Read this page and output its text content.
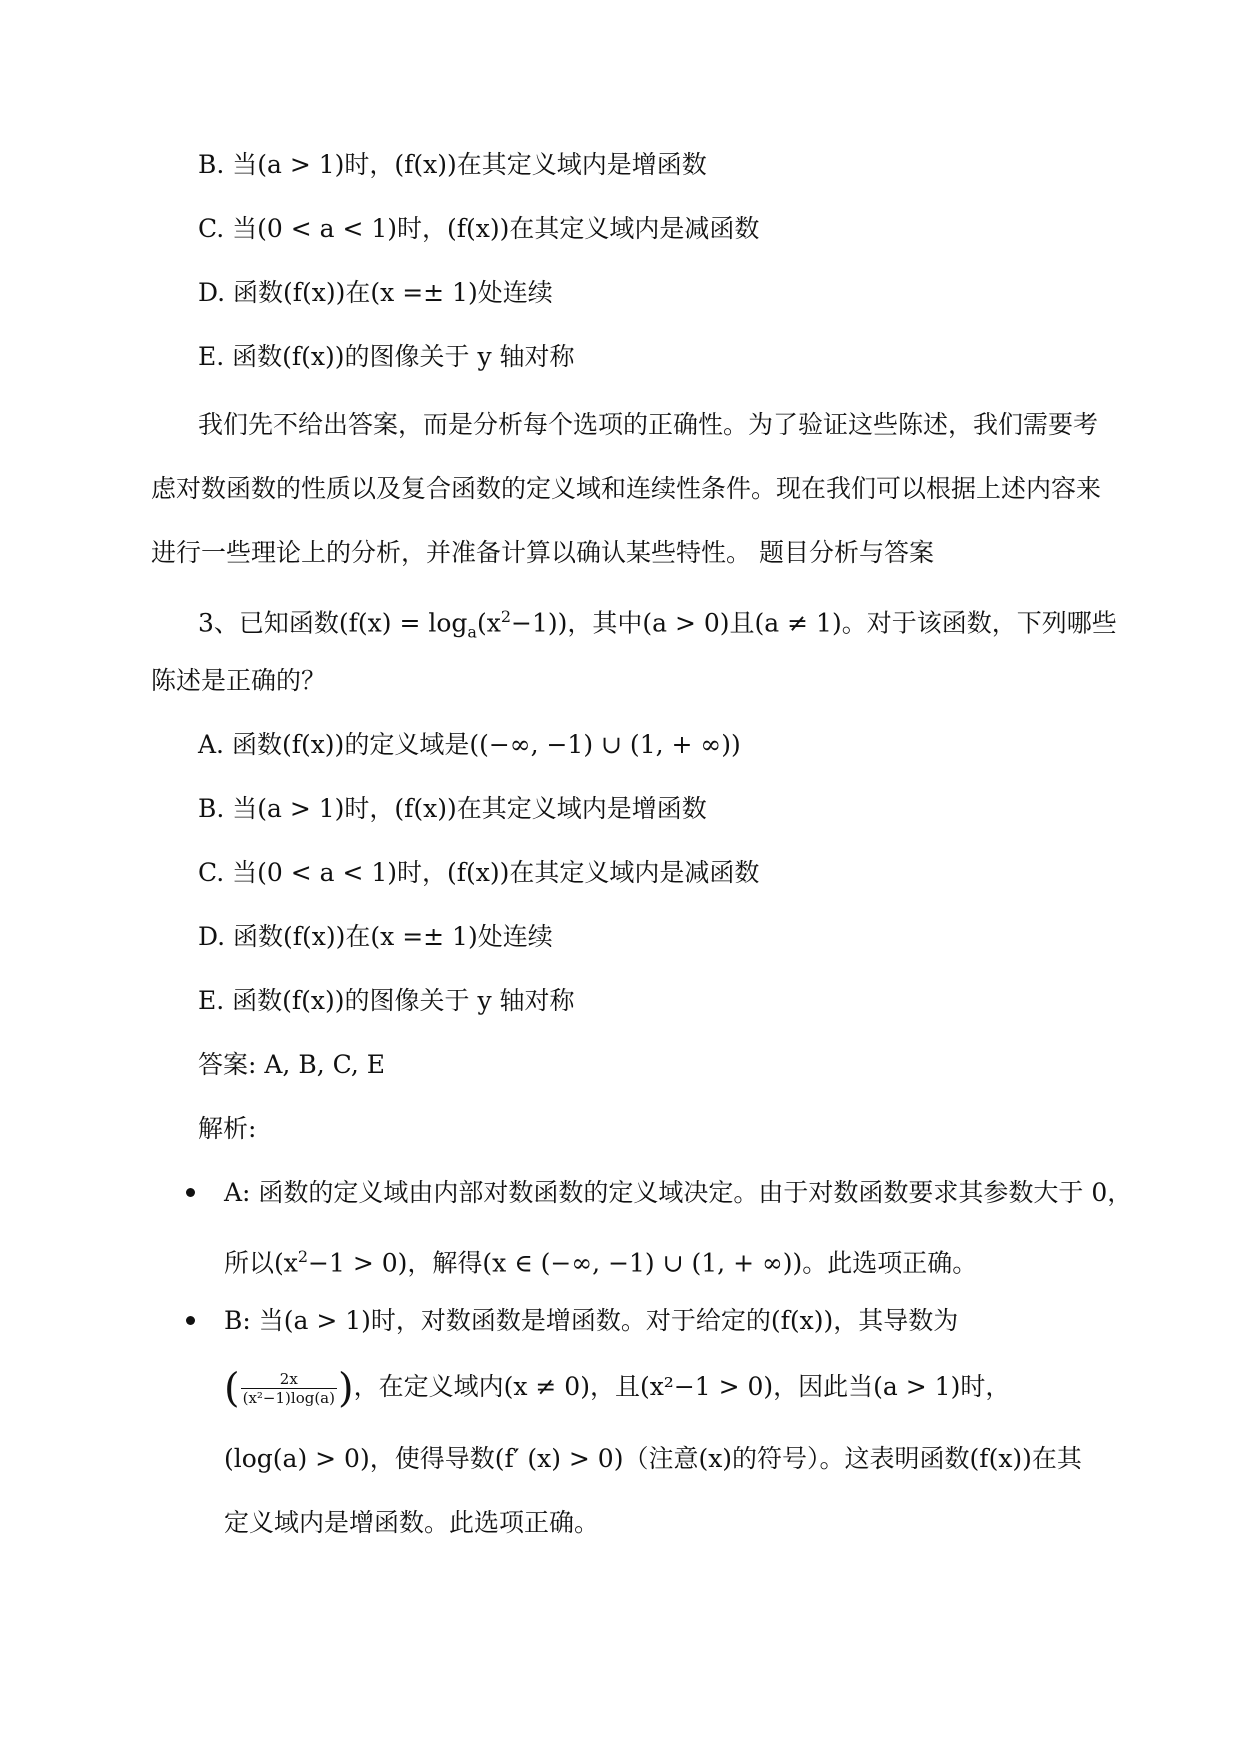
B. 当(a > 1)时，(f(x))在其定义域内是增函数
C. 当(0 < a < 1)时，(f(x))在其定义域内是减函数
D. 函数(f(x))在(x =± 1)处连续
E. 函数(f(x))的图像关于 y 轴对称
我们先不给出答案，而是分析每个选项的正确性。为了验证这些陈述，我们需要考
虑对数函数的性质以及复合函数的定义域和连续性条件。现在我们可以根据上述内容来
进行一些理论上的分析，并准备计算以确认某些特性。 题目分析与答案
3、已知函数$(f(x) = \log_a(x^2-1))$，其中(a > 0)且(a ≠ 1)。对于该函数，下列哪些
陈述是正确的？
A. 函数(f(x))的定义域是((−∞, −1) ∪ (1, + ∞))
B. 当(a > 1)时，(f(x))在其定义域内是增函数
C. 当(0 < a < 1)时，(f(x))在其定义域内是减函数
D. 函数(f(x))在(x =± 1)处连续
E. 函数(f(x))的图像关于 y 轴对称
答案: A, B, C, E
解析:
A: 函数的定义域由内部对数函数的定义域决定。由于对数函数要求其参数大于 0，
所以$(x^2-1 > 0)$，解得(x ∈ (−∞, −1) ∪ (1, + ∞))。此选项正确。
B: 当(a > 1)时，对数函数是增函数。对于给定的(f(x))，其导数为
( $\frac{2x}{\text{(x²−1)log(a)}}$ )，在定义域内(x ≠ 0)，且(x²−1 > 0)，因此当(a > 1)时，
(log(a) > 0)，使得导数(f′ (x) > 0)（注意(x)的符号）。这表明函数(f(x))在其
定义域内是增函数。此选项正确。
